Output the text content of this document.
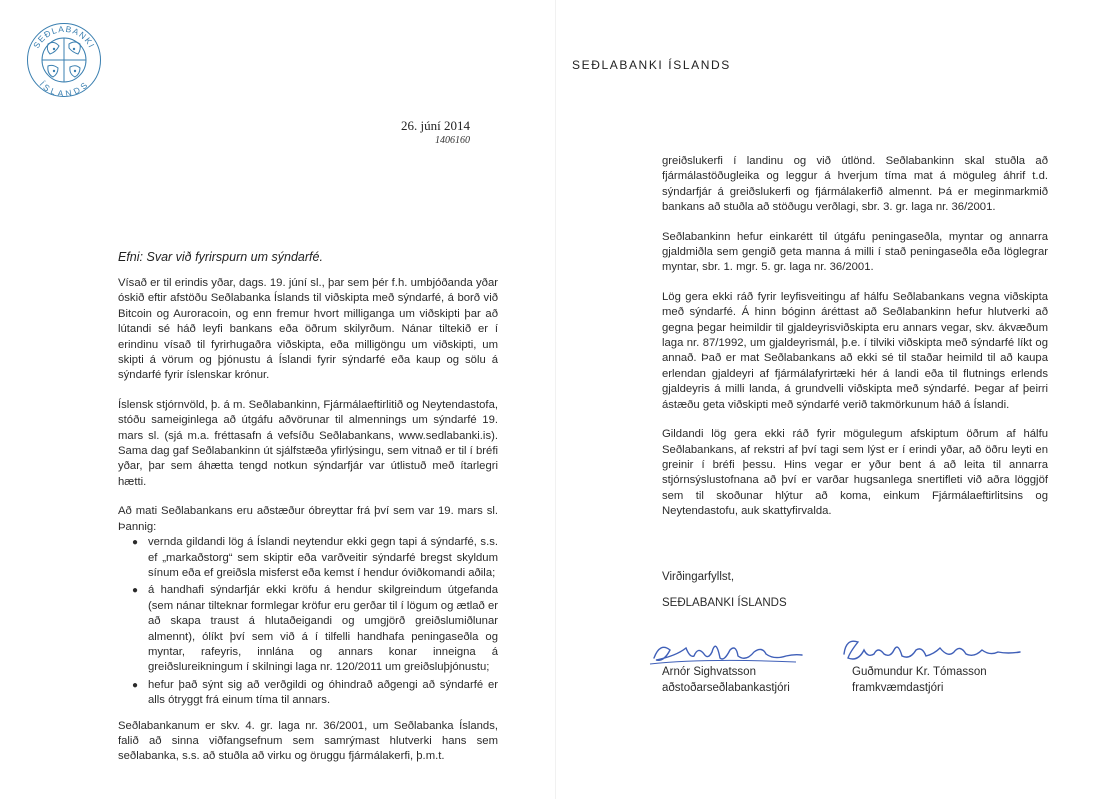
SEÐLABANKI
ÍSLANDS
26. júní 2014
1406160
Efni: Svar við fyrirspurn um sýndarfé.

Vísað er til erindis yðar, dags. 19. júní sl., þar sem þér f.h. umbjóðanda yðar óskið eftir afstöðu Seðlabanka Íslands til viðskipta með sýndarfé, á borð við Bitcoin og Auroracoin, og enn fremur hvort milliganga um viðskipti þar að lútandi sé háð leyfi bankans eða öðrum skilyrðum. Nánar tiltekið er í erindinu vísað til fyrirhugaðra viðskipta, eða milligöngu um viðskipti, um skipti á vörum og þjónustu á Íslandi fyrir sýndarfé eða kaup og sölu á sýndarfé fyrir íslenskar krónur.

Íslensk stjórnvöld, þ. á m. Seðlabankinn, Fjármálaeftirlitið og Neytendastofa, stóðu sameiginlega að útgáfu aðvörunar til almennings um sýndarfé 19. mars sl. (sjá m.a. fréttasafn á vefsíðu Seðlabankans, www.sedlabanki.is). Sama dag gaf Seðlabankinn út sjálfstæða yfirlýsingu, sem vitnað er til í bréfi yðar, þar sem áhætta tengd notkun sýndarfjár var útlistuð með ítarlegri hætti.

Að mati Seðlabankans eru aðstæður óbreyttar frá því sem var 19. mars sl. Þannig:

● vernda gildandi lög á Íslandi neytendur ekki gegn tapi á sýndarfé, s.s. ef „markaðstorg“ sem skiptir eða varðveitir sýndarfé bregst skyldum sínum eða ef greiðsla misferst eða kemst í hendur óviðkomandi aðila;
● á handhafi sýndarfjár ekki kröfu á hendur skilgreindum útgefanda (sem nánar tilteknar formlegar kröfur eru gerðar til í lögum og ætlað er að skapa traust á hlutaðeigandi og umgjörð greiðslumiðlunar almennt), ólíkt því sem við á í tilfelli handhafa peningaseðla og myntar, rafeyris, innlána og annars konar inneigna á greiðslureikningum í skilningi laga nr. 120/2011 um greiðsluþjónustu;
● hefur það sýnt sig að verðgildi og óhindrað aðgengi að sýndarfé er alls ótryggt frá einum tíma til annars.

Seðlabankanum er skv. 4. gr. laga nr. 36/2001, um Seðlabanka Íslands, falið að sinna viðfangsefnum sem samrýmast hlutverki hans sem seðlabanka, s.s. að stuðla að virku og öruggu fjármálakerfi, þ.m.t.

SEÐLABANKI ÍSLANDS

greiðslukerfi í landinu og við útlönd. Seðlabankinn skal stuðla að fjármálastöðugleika og leggur á hverjum tíma mat á möguleg áhrif t.d. sýndarfjár á greiðslukerfi og fjármálakerfið almennt. Þá er meginmarkmið bankans að stuðla að stöðugu verðlagi, sbr. 3. gr. laga nr. 36/2001.

Seðlabankinn hefur einkarétt til útgáfu peningaseðla, myntar og annarra gjaldmiðla sem gengið geta manna á milli í stað peningaseðla eða löglegrar myntar, sbr. 1. mgr. 5. gr. laga nr. 36/2001.

Lög gera ekki ráð fyrir leyfisveitingu af hálfu Seðlabankans vegna viðskipta með sýndarfé. Á hinn bóginn áréttast að Seðlabankinn hefur hlutverki að gegna þegar heimildir til gjaldeyrisviðskipta eru annars vegar, skv. ákvæðum laga nr. 87/1992, um gjaldeyrismál, þ.e. í tilviki viðskipta með sýndarfé líkt og annað. Það er mat Seðlabankans að ekki sé til staðar heimild til að kaupa erlendan gjaldeyri af fjármálafyrirtæki hér á landi eða til flutnings erlends gjaldeyris á milli landa, á grundvelli viðskipta með sýndarfé. Þegar af þeirri ástæðu geta viðskipti með sýndarfé verið takmörkunum háð á Íslandi.

Gildandi lög gera ekki ráð fyrir mögulegum afskiptum öðrum af hálfu Seðlabankans, af rekstri af því tagi sem lýst er í erindi yðar, að öðru leyti en greinir í bréfi þessu. Hins vegar er yður bent á að leita til annarra stjórnsýslustofnana að því er varðar hugsanlega snertifleti við aðra löggjöf sem til skoðunar hlýtur að koma, einkum Fjármálaeftirlitsins og Neytendastofu, auk skattyfirvalda.

Virðingarfyllst,
SEÐLABANKI ÍSLANDS
Arnór Sighvatsson
aðstoðarseðlabankastjóri
Guðmundur Kr. Tómasson
framkvæmdastjóri
